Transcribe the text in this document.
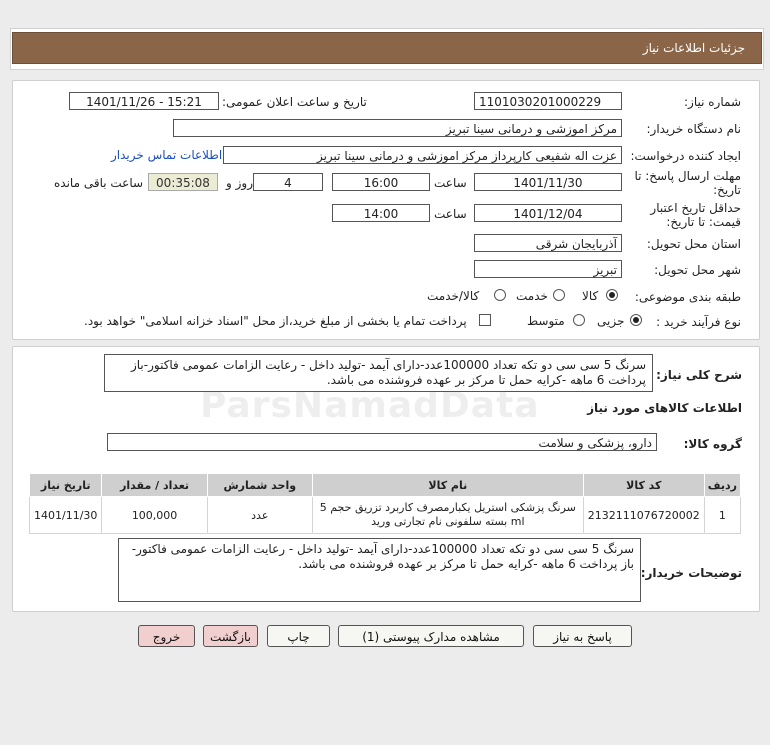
جزئیات اطلاعات نیاز
شماره نیاز:
1101030201000229
تاریخ و ساعت اعلان عمومی:
1401/11/26 - 15:21
نام دستگاه خریدار:
مرکز اموزشی و درمانی سینا تبریز
ایجاد کننده درخواست:
عزت اله شفیعی کارپرداز مرکز اموزشی و درمانی سینا تبریز
اطلاعات تماس خریدار
مهلت ارسال پاسخ: تا
تاریخ:
1401/11/30
ساعت
16:00
4
روز و
00:35:08
ساعت باقی مانده
حداقل تاریخ اعتبار
قیمت: تا تاریخ:
1401/12/04
ساعت
14:00
استان محل تحویل:
آذربایجان شرقی
شهر محل تحویل:
تبریز
طبقه بندی موضوعی:
کالا
خدمت
کالا/خدمت
نوع فرآیند خرید :
جزیی
متوسط
پرداخت تمام یا بخشی از مبلغ خرید،از محل "اسناد خزانه اسلامی" خواهد بود.
شرح کلی نیاز:
سرنگ 5 سی سی دو تکه تعداد 100000عدد-دارای آیمد -تولید داخل - رعایت الزامات عمومی فاکتور-باز پرداخت 6 ماهه -کرایه حمل تا مرکز بر عهده فروشنده می باشد.
اطلاعات کالاهای مورد نیاز
گروه کالا:
دارو، پزشکی و سلامت
ردیف	کد کالا	نام کالا	واحد شمارش	تعداد / مقدار	تاریخ نیاز
1	2132111076720002	سرنگ پزشکی استریل یکبارمصرف کاربرد تزریق حجم 5 ml بسته سلفونی نام تجارتی ورید	عدد	100,000	1401/11/30
توضیحات خریدار:
سرنگ 5 سی سی دو تکه تعداد 100000عدد-دارای آیمد -تولید داخل - رعایت الزامات عمومی فاکتور-باز پرداخت 6 ماهه -کرایه حمل تا مرکز بر عهده فروشنده می باشد.
پاسخ به نیاز
مشاهده مدارک پیوستی (1)
چاپ
بازگشت
خروج
